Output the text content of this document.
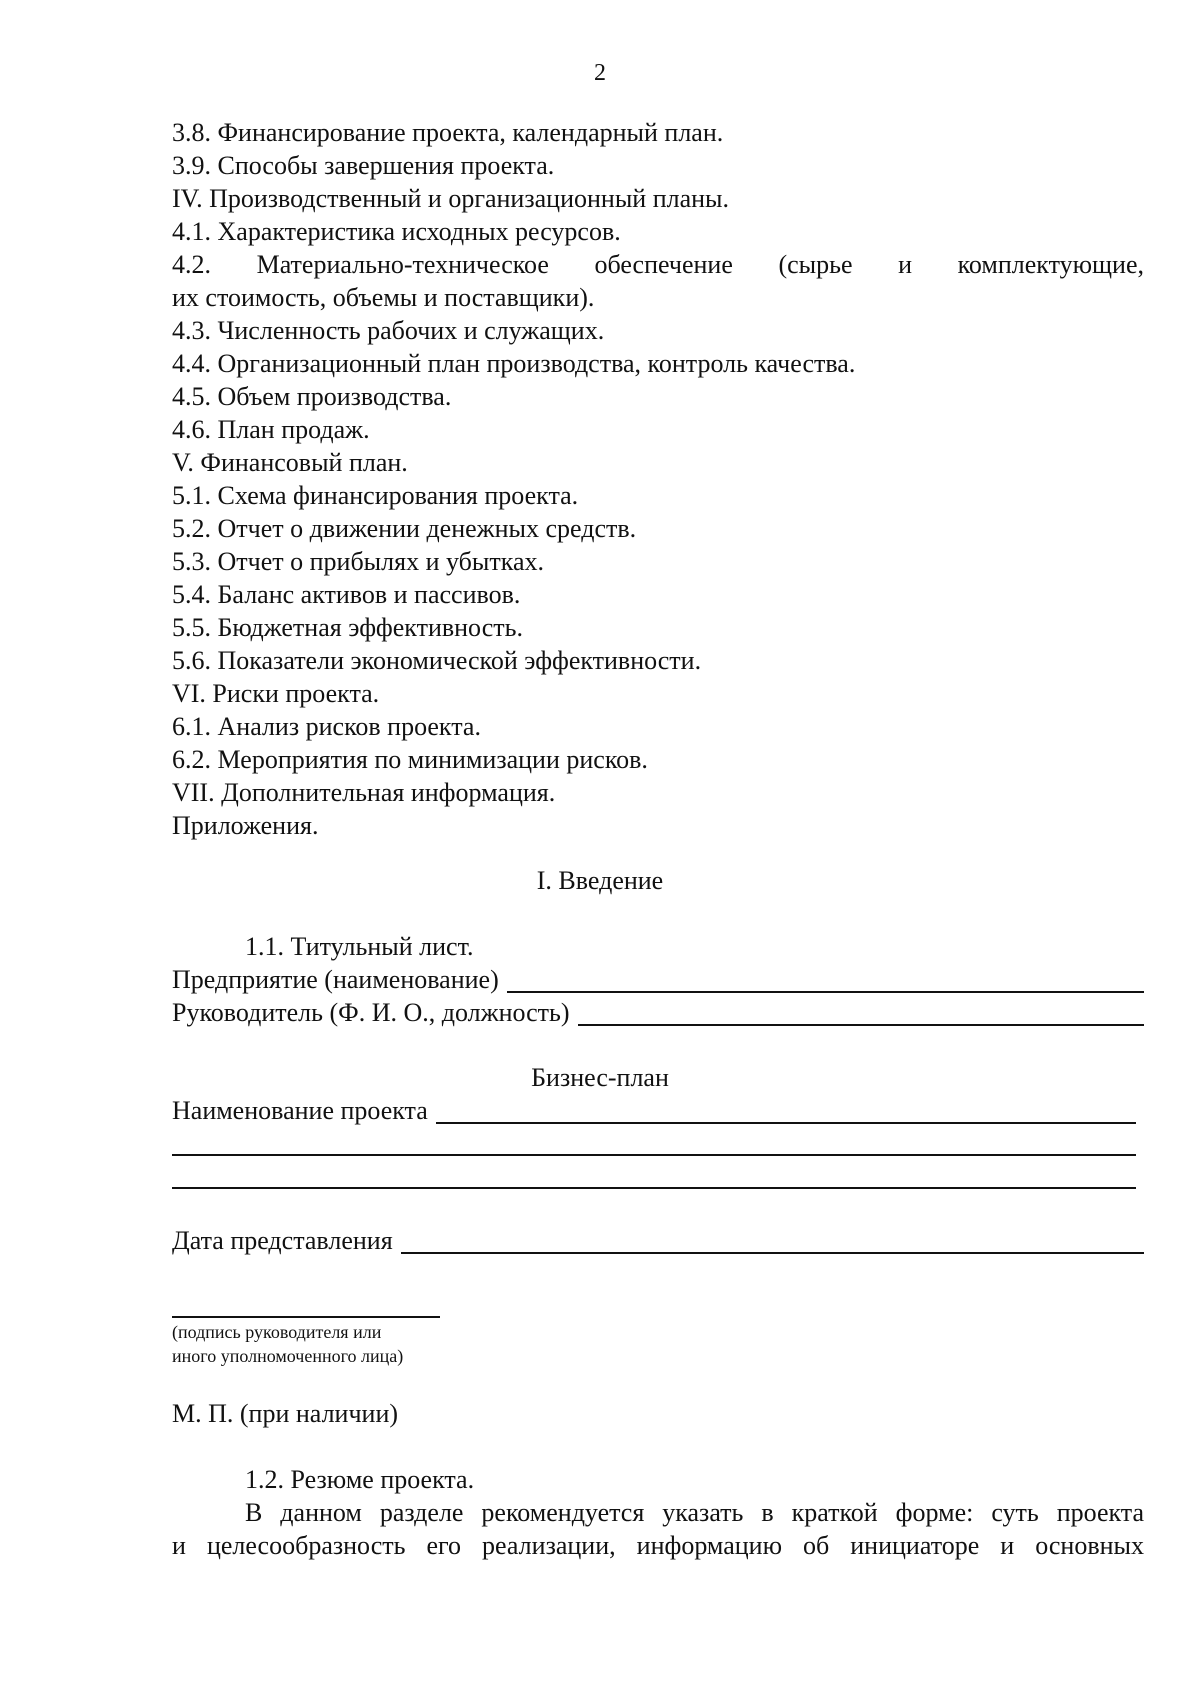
2
3.8. Финансирование проекта, календарный план.
3.9. Способы завершения проекта.
IV. Производственный и организационный планы.
4.1. Характеристика исходных ресурсов.
4.2. Материально-техническое обеспечение (сырье и комплектующие,
их стоимость, объемы и поставщики).
4.3. Численность рабочих и служащих.
4.4. Организационный план производства, контроль качества.
4.5. Объем производства.
4.6. План продаж.
V. Финансовый план.
5.1. Схема финансирования проекта.
5.2. Отчет о движении денежных средств.
5.3. Отчет о прибылях и убытках.
5.4. Баланс активов и пассивов.
5.5. Бюджетная эффективность.
5.6. Показатели экономической эффективности.
VI. Риски проекта.
6.1. Анализ рисков проекта.
6.2. Мероприятия по минимизации рисков.
VII. Дополнительная информация.
Приложения.
I. Введение
1.1. Титульный лист.
Предприятие (наименование)
Руководитель (Ф. И. О., должность)
Бизнес-план
Наименование проекта
Дата представления
(подпись руководителя или
иного уполномоченного лица)
М. П. (при наличии)
1.2. Резюме проекта.
В данном разделе рекомендуется указать в краткой форме: суть проекта
и целесообразность его реализации, информацию об инициаторе и основных
